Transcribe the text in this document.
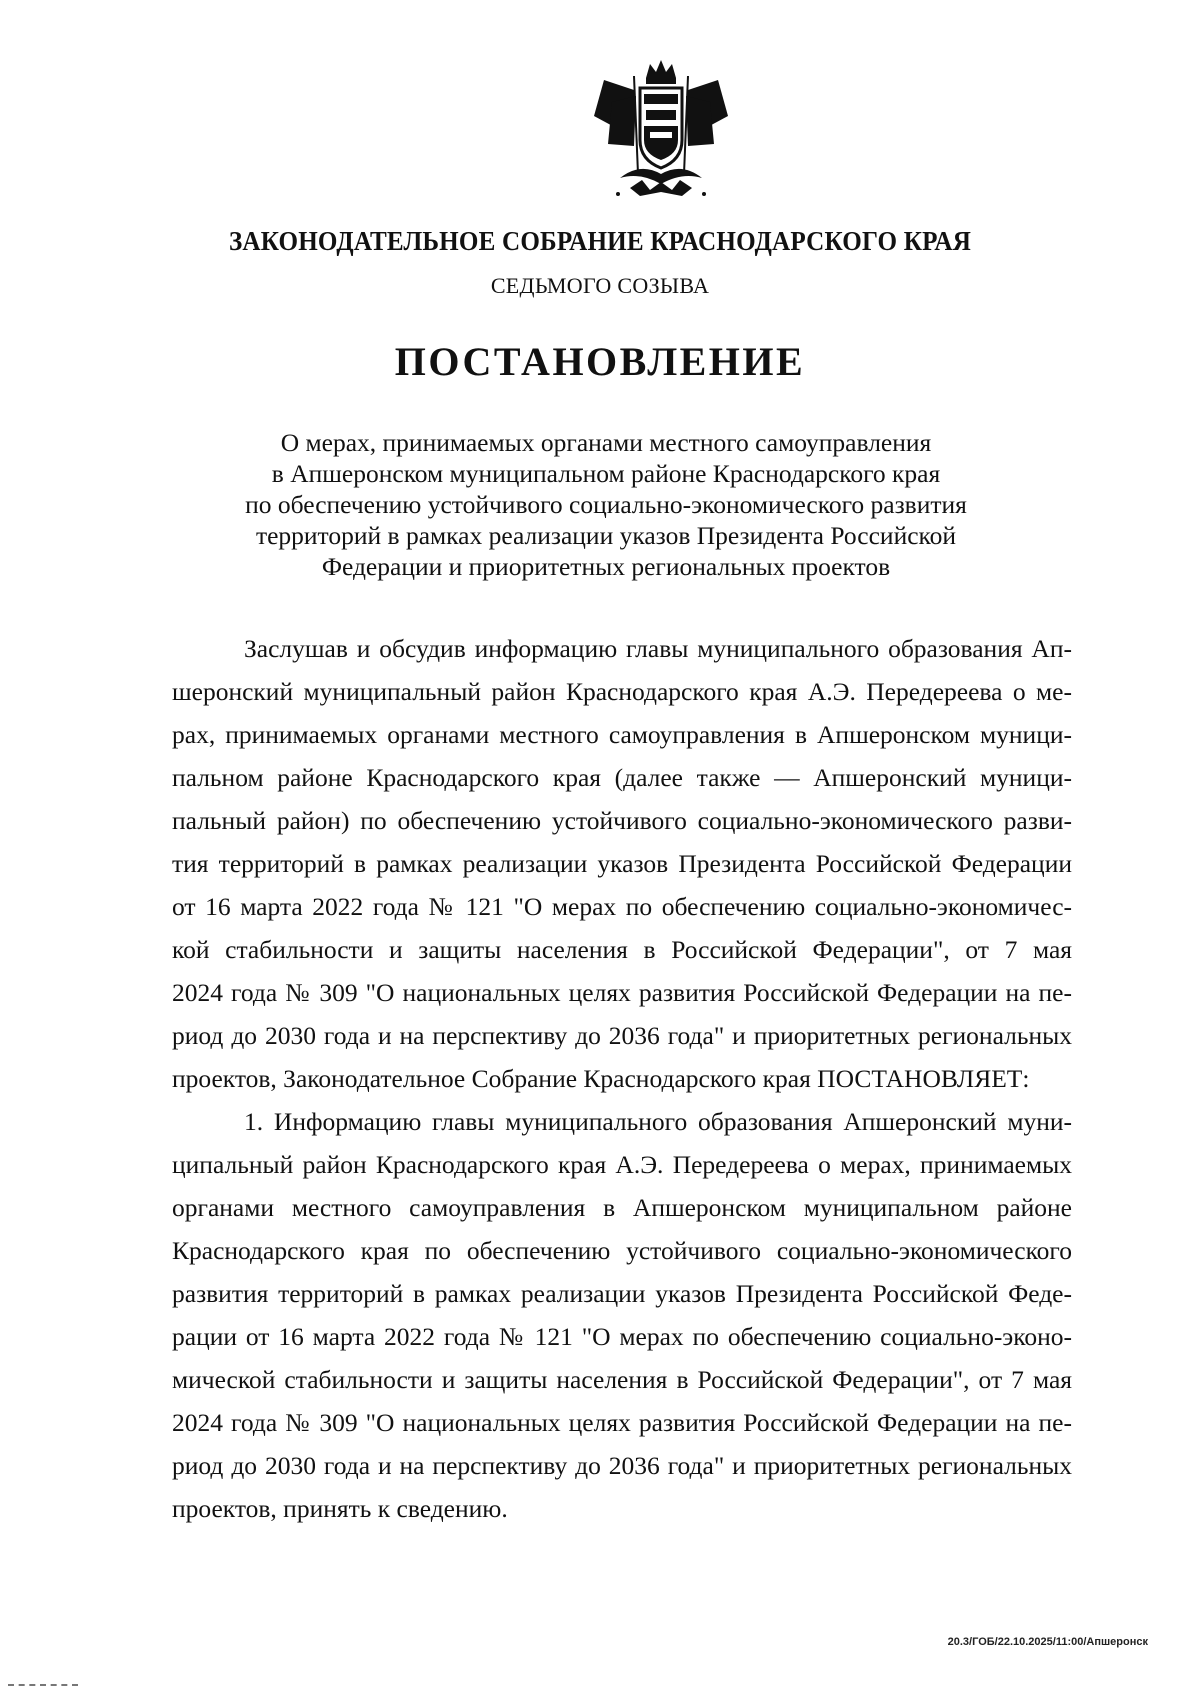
ЗАКОНОДАТЕЛЬНОЕ СОБРАНИЕ КРАСНОДАРСКОГО КРАЯ
СЕДЬМОГО СОЗЫВА
ПОСТАНОВЛЕНИЕ
О мерах, принимаемых органами местного самоуправления
в Апшеронском муниципальном районе Краснодарского края
по обеспечению устойчивого социально-экономического развития
территорий в рамках реализации указов Президента Российской
Федерации и приоритетных региональных проектов
Заслушав и обсудив информацию главы муниципального образования Ап-
шеронский муниципальный район Краснодарского края А.Э. Передереева о ме-
рах, принимаемых органами местного самоуправления в Апшеронском муници-
пальном районе Краснодарского края (далее также — Апшеронский муници-
пальный район) по обеспечению устойчивого социально-экономического разви-
тия территорий в рамках реализации указов Президента Российской Федерации
от 16 марта 2022 года № 121 "О мерах по обеспечению социально-экономичес-
кой стабильности и защиты населения в Российской Федерации", от 7 мая
2024 года № 309 "О национальных целях развития Российской Федерации на пе-
риод до 2030 года и на перспективу до 2036 года" и приоритетных региональных
проектов, Законодательное Собрание Краснодарского края ПОСТАНОВЛЯЕТ:
1. Информацию главы муниципального образования Апшеронский муни-
ципальный район Краснодарского края А.Э. Передереева о мерах, принимаемых
органами местного самоуправления в Апшеронском муниципальном районе
Краснодарского края по обеспечению устойчивого социально-экономического
развития территорий в рамках реализации указов Президента Российской Феде-
рации от 16 марта 2022 года № 121 "О мерах по обеспечению социально-эконо-
мической стабильности и защиты населения в Российской Федерации", от 7 мая
2024 года № 309 "О национальных целях развития Российской Федерации на пе-
риод до 2030 года и на перспективу до 2036 года" и приоритетных региональных
проектов, принять к сведению.
20.3/ГОБ/22.10.2025/11:00/Апшеронск
